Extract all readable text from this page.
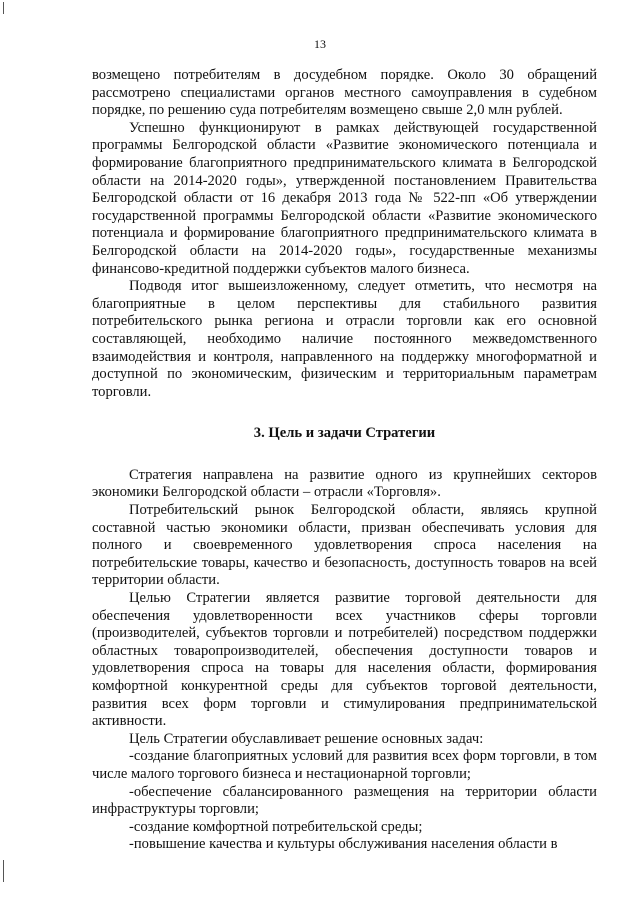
13

возмещено потребителям в досудебном порядке. Около 30 обращений рассмотрено специалистами органов местного самоуправления в судебном порядке, по решению суда потребителям возмещено свыше 2,0 млн рублей.

Успешно функционируют в рамках действующей государственной программы Белгородской области «Развитие экономического потенциала и формирование благоприятного предпринимательского климата в Белгородской области на 2014-2020 годы», утвержденной постановлением Правительства Белгородской области от 16 декабря 2013 года № 522-пп «Об утверждении государственной программы Белгородской области «Развитие экономического потенциала и формирование благоприятного предпринимательского климата в Белгородской области на 2014-2020 годы», государственные механизмы финансово-кредитной поддержки субъектов малого бизнеса.

Подводя итог вышеизложенному, следует отметить, что несмотря на благоприятные в целом перспективы для стабильного развития потребительского рынка региона и отрасли торговли как его основной составляющей, необходимо наличие постоянного межведомственного взаимодействия и контроля, направленного на поддержку многоформатной и доступной по экономическим, физическим и территориальным параметрам торговли.

3. Цель и задачи Стратегии

Стратегия направлена на развитие одного из крупнейших секторов экономики Белгородской области – отрасли «Торговля».

Потребительский рынок Белгородской области, являясь крупной составной частью экономики области, призван обеспечивать условия для полного и своевременного удовлетворения спроса населения на потребительские товары, качество и безопасность, доступность товаров на всей территории области.

Целью Стратегии является развитие торговой деятельности для обеспечения удовлетворенности всех участников сферы торговли (производителей, субъектов торговли и потребителей) посредством поддержки областных товаропроизводителей, обеспечения доступности товаров и удовлетворения спроса на товары для населения области, формирования комфортной конкурентной среды для субъектов торговой деятельности, развития всех форм торговли и стимулирования предпринимательской активности.

Цель Стратегии обуславливает решение основных задач:

-создание благоприятных условий для развития всех форм торговли, в том числе малого торгового бизнеса и нестационарной торговли;

-обеспечение сбалансированного размещения на территории области инфраструктуры торговли;

-создание комфортной потребительской среды;

-повышение качества и культуры обслуживания населения области в
